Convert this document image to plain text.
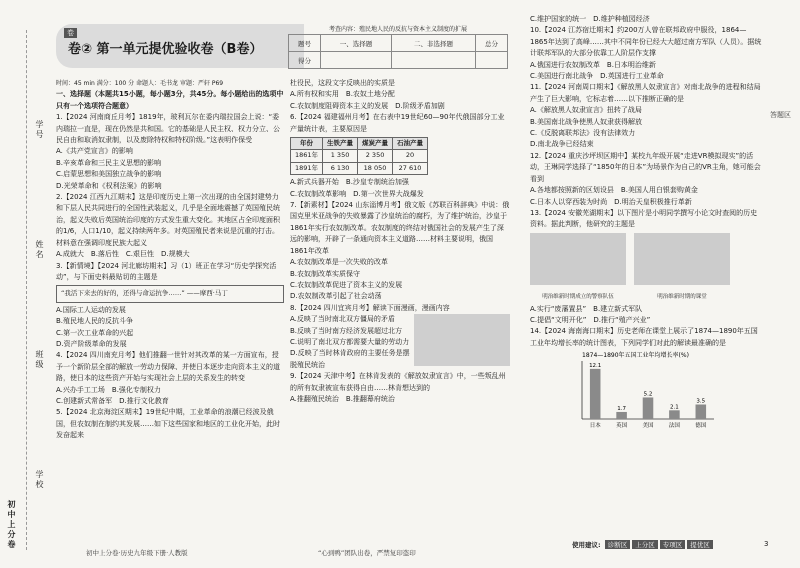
初中上分卷
学校
班级
姓名
学号
卷
卷② 第一单元提优验收卷（B卷）
考查内容：殖民地人民的反抗与资本主义制度的扩展
题号	一、选择题	二、非选择题	总分
得分			

时间：45 min 满分：100 分 命题人：毛书龙 审题：严轩 P69

一、选择题（本题共15小题，每小题3分，共45分。每小题给出的选项中只有一个选项符合题意）

1.【2024 河南商丘月考】1819年，玻利瓦尔在委内瑞拉国会上说：“委内瑞拉一直是，现在仍然是共和国。它的基础是人民主权、权力分立、公民自由和取消奴隶制，以及废除特权和特权阶级。”这表明作保受

A.《共产党宣言》的影响

B.辛亥革命和三民主义思想的影响

C.启蒙思想和美国独立战争的影响

D.光荣革命和《权利法案》的影响

2.【2024 江西九江期末】这是印度历史上第一次出现的由全国封建势力和下层人民共同进行的全国性武装起义，几乎是全面地震撼了英国殖民统治，起义失败后英国统治印度的方式发生重大变化。其地区占全印度面积的1/6，人口1/10，起义持续两年多。对英国殖民者来说是沉重的打击。材料意在强调印度民族大起义

A.成就大　 B.落后性　 C.艰巨性　 D.规模大

3.【新情境】【2024 河北廊坊期末】习（1）班正在学习“历史学探究活动”，与下面史料最贴切的主题是

“我活下来去的好的，还得与命运抗争……” ——摩西·马丁

A.国际工人运动的发展

B.殖民地人民的反抗斗争

C.第一次工业革命的兴起

D.资产阶级革命的发展

4.【2024 四川南充月考】他们推翻一世针对其改革的某一方面宣布，授予一个新阶层全部的解放一劳动力保障、并使日本逐步走向资本主义的道路，使日本的这些资产开始与实现社会上层的关系发生的转变

A.兴办手工工场　 B.强化专制权力

C.创建新式常备军　 D.推行文化教育

5.【2024 北京海淀区期末】19世纪中期，工业革命的浪潮已经波及俄国，但农奴制在制约其发展……如下这些国家和地区的工业化开始，此时发奋起来

杜役民，这段文字反映出的实质是

A.所有权和实用　 B.农奴土地分配

C.农奴制度阻碍资本主义的发展　 D.阶级矛盾加剧

6.【2024 福建福州月考】在右表中19世纪60—90年代俄国部分工业产量统计表，主要原因是

年份	生铁产量	煤炭产量	石油产量
1861年	1 350	2 350	20
1891年	6 130	18 050	27 610

A.新式兵器开始　 B.沙皇专制统治加强

C.农奴制改革影响　 D.第一次世界大战爆发

7.【新素材】【2024 山东淄博月考】俄文版《苏联百科辞典》中说：俄国克里米亚战争的失败暴露了沙皇统治的腐朽，为了维护统治，沙皇于1861年实行农奴制改革。农奴制度的终结对俄国社会的发展产生了深远的影响，开辟了一条通向资本主义道路……材料主要说明，俄国1861年改革

A.农奴制改革是一次失败的改革

B.农奴制改革实质保守

C.农奴制改革促进了资本主义的发展

D.农奴制改革引起了社会动荡

8.【2024 四川宜宾月考】解读下面漫画，漫画内容

A.反映了当时南北双方僵局的矛盾

B.反映了当时南方经济发展超过北方

C.说明了南北双方都需要大量的劳动力

D.反映了当时林肯政府的主要任务是摆脱殖民统治

9.【2024 天津中考】在林肯发表的《解放奴隶宣言》中，一些叛乱州的所有奴隶被宣布获得自由……林肯想达到的

A.推翻殖民统治　 B.推翻幕府统治

C.维护国家的统一　 D.维护种植园经济

10.【2024 江苏宿迁期末】约200万人曾在联邦政府中服役，1864—1865年达到了高峰……其中不同年份已经大大超过南方军队（人员）。据统计联邦军队的大部分依靠工人阶层作支撑

A.俄国进行农奴制改革　 B.日本明治维新

C.美国进行南北战争　 D.英国进行工业革命

11.【2024 河南周口期末】《解放黑人奴隶宣言》对南北战争的进程和结局产生了巨大影响，它标志着……以下推断正确的是

A.《解放黑人奴隶宣言》扭转了战局

B.美国南北战争使黑人奴隶获得解放

C.《反脱离联邦法》没有法律效力

D.南北战争已经结束

12.【2024 重庆沙坪坝区期中】某校九年级开展“走进VR模拟现实”的活动，王琳同学选择了“1850年的日本”为场景作为自己的VR主角，她可能会看到

A.各地都按照新的区划设县　 B.美国人用白银套购黄金

C.日本人以穿西装为时尚　 D.明治天皇积极推行革新

13.【2024 安徽芜湖期末】以下图片是小明同学撰写小论文时查阅的历史资料。据此判断，他研究的主题是

明治维新时期成立的警察队伍	明治维新时期的课堂

A.实行“废藩置县”　 B.建立新式军队

C.提倡“文明开化”　 D.推行“殖产兴业”

14.【2024 海南海口期末】历史老师在课堂上展示了1874—1890年五国工业年均增长率的统计图表，下列同学们对此的解读最准确的是

1874—1890年五国工业年均增长率(%)
12.1
日本
1.7
英国
5.2
美国
2.1
法国
3.5
德国
答题区
初中上分卷·历史九年级下册·人教版	“心到鸭”团队出卷，严禁复印盗印
使用建议: 诊断区 上分区 专项区 提优区	3
